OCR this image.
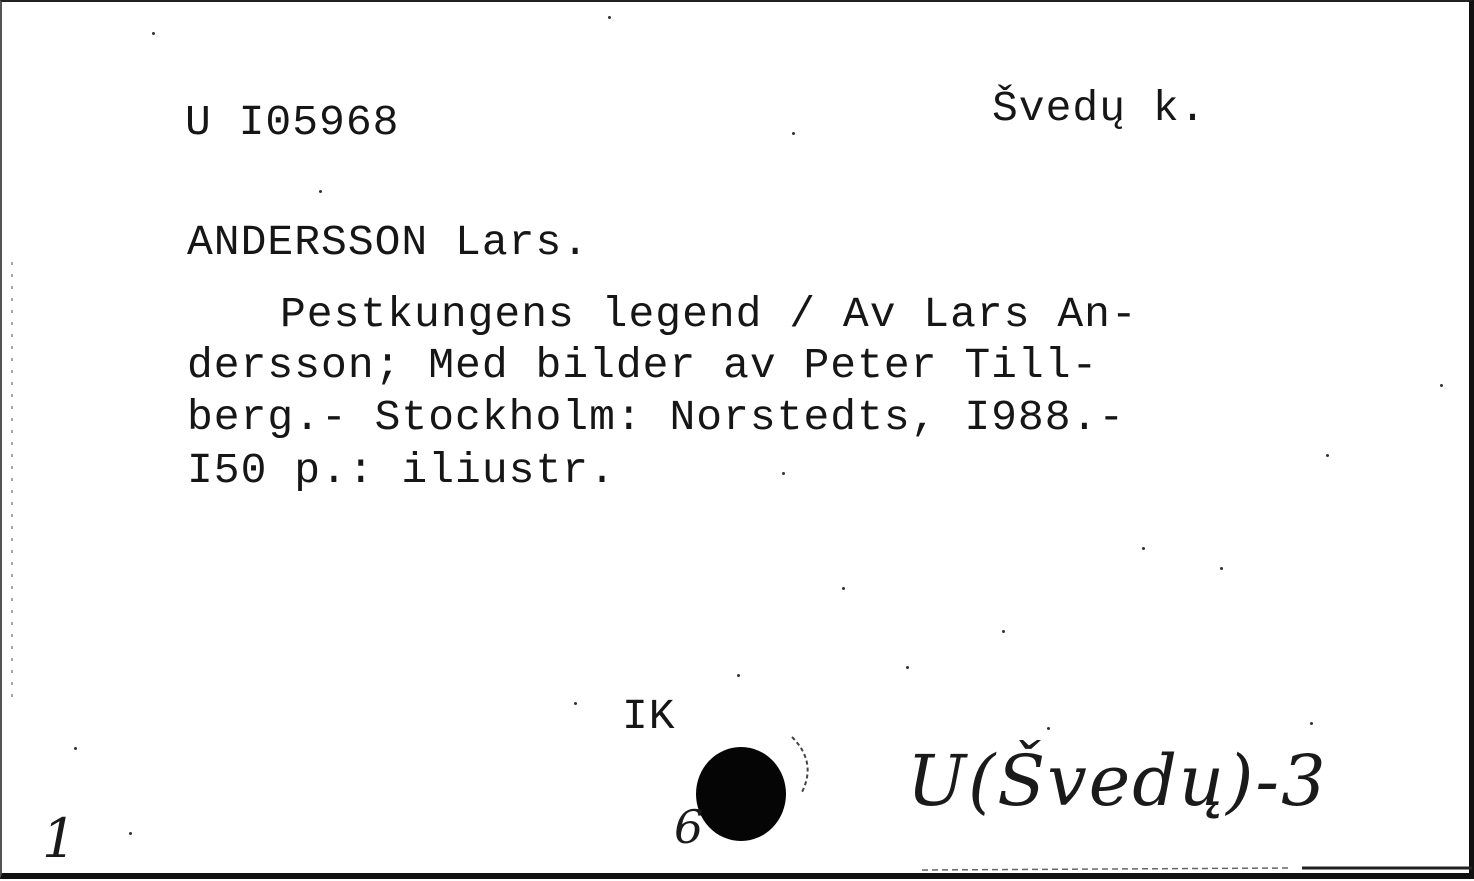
U I05968	Švedų k.
ANDERSSON Lars.
Pestkungens legend / Av Lars An-
dersson; Med bilder av Peter Till-
berg.- Stockholm: Norstedts, I988.-
I50 p.: iliustr.
IK
U(Švedų)-3
1	6
